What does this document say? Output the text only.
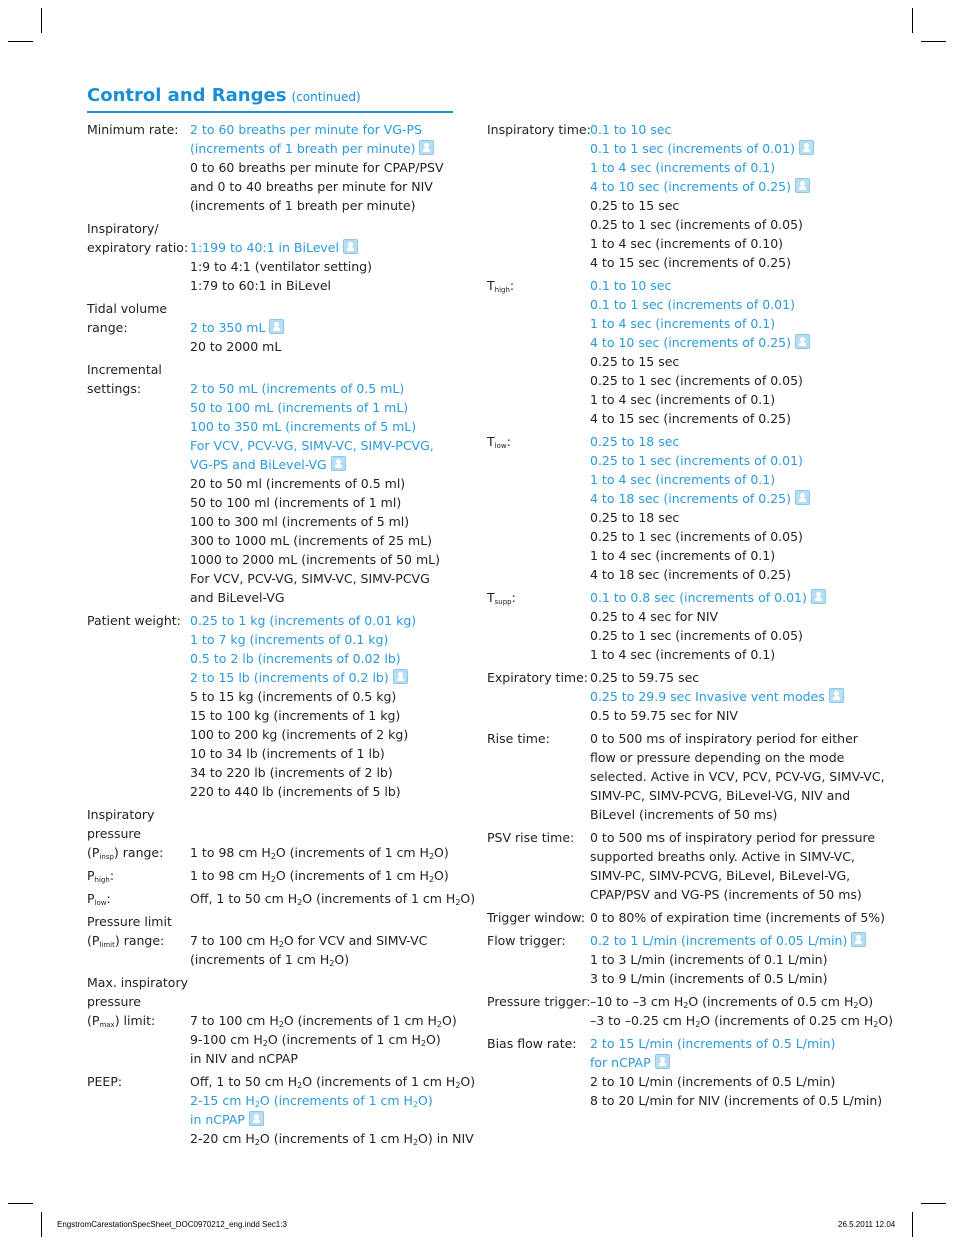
Control and Ranges (continued)
Minimum rate: 2 to 60 breaths per minute for VG-PS
(increments of 1 breath per minute)
0 to 60 breaths per minute for CPAP/PSV
and 0 to 40 breaths per minute for NIV
(increments of 1 breath per minute)
Inspiratory/
expiratory ratio: 1:199 to 40:1 in BiLevel
1:9 to 4:1 (ventilator setting)
1:79 to 60:1 in BiLevel
Tidal volume
range:	2 to 350 mL
20 to 2000 mL
Incremental
settings:	2 to 50 mL (increments of 0.5 mL)
50 to 100 mL (increments of 1 mL)
100 to 350 mL (increments of 5 mL)
For VCV, PCV-VG, SIMV-VC, SIMV-PCVG,
VG-PS and BiLevel-VG
20 to 50 ml (increments of 0.5 ml)
50 to 100 ml (increments of 1 ml)
100 to 300 ml (increments of 5 ml)
300 to 1000 mL (increments of 25 mL)
1000 to 2000 mL (increments of 50 mL)
For VCV, PCV-VG, SIMV-VC, SIMV-PCVG
and BiLevel-VG
Patient weight: 0.25 to 1 kg (increments of 0.01 kg)
1 to 7 kg (increments of 0.1 kg)
0.5 to 2 lb (increments of 0.02 lb)
2 to 15 lb (increments of 0.2 lb)
5 to 15 kg (increments of 0.5 kg)
15 to 100 kg (increments of 1 kg)
100 to 200 kg (increments of 2 kg)
10 to 34 lb (increments of 1 lb)
34 to 220 lb (increments of 2 lb)
220 to 440 lb (increments of 5 lb)
Inspiratory
pressure
$(P_{insp})$ range:	1 to 98 cm $H_2O$ (increments of 1 cm $H_2O$)
$P_{high}$:	1 to 98 cm $H_2O$ (increments of 1 cm $H_2O$)
$P_{low}$:	Off, 1 to 50 cm $H_2O$ (increments of 1 cm $H_2O$)
Pressure limit
$(P_{limit})$ range:	7 to 100 cm $H_2O$ for VCV and SIMV-VC
(increments of 1 cm $H_2O$)
Max. inspiratory
pressure
$(P_{max})$ limit:	7 to 100 cm $H_2O$ (increments of 1 cm $H_2O$)
9-100 cm $H_2O$ (increments of 1 cm $H_2O$)
in NIV and nCPAP
PEEP:	Off, 1 to 50 cm $H_2O$ (increments of 1 cm $H_2O$)
2-15 cm $H_2O$ (increments of 1 cm $H_2O$)
in nCPAP
2-20 cm $H_2O$ (increments of 1 cm $H_2O$) in NIV
Inspiratory time: 0.1 to 10 sec
0.1 to 1 sec (increments of 0.01)
1 to 4 sec (increments of 0.1)
4 to 10 sec (increments of 0.25)
0.25 to 15 sec
0.25 to 1 sec (increments of 0.05)
1 to 4 sec (increments of 0.10)
4 to 15 sec (increments of 0.25)
$T_{high}$:	0.1 to 10 sec
0.1 to 1 sec (increments of 0.01)
1 to 4 sec (increments of 0.1)
4 to 10 sec (increments of 0.25)
0.25 to 15 sec
0.25 to 1 sec (increments of 0.05)
1 to 4 sec (increments of 0.1)
4 to 15 sec (increments of 0.25)
$T_{low}$:	0.25 to 18 sec
0.25 to 1 sec (increments of 0.01)
1 to 4 sec (increments of 0.1)
4 to 18 sec (increments of 0.25)
0.25 to 18 sec
0.25 to 1 sec (increments of 0.05)
1 to 4 sec (increments of 0.1)
4 to 18 sec (increments of 0.25)
$T_{supp}$:	0.1 to 0.8 sec (increments of 0.01)
0.25 to 4 sec for NIV
0.25 to 1 sec (increments of 0.05)
1 to 4 sec (increments of 0.1)
Expiratory time: 0.25 to 59.75 sec
0.25 to 29.9 sec Invasive vent modes
0.5 to 59.75 sec for NIV
Rise time:	0 to 500 ms of inspiratory period for either
flow or pressure depending on the mode
selected. Active in VCV, PCV, PCV-VG, SIMV-VC,
SIMV-PC, SIMV-PCVG, BiLevel-VG, NIV and
BiLevel (increments of 50 ms)
PSV rise time:	0 to 500 ms of inspiratory period for pressure
supported breaths only. Active in SIMV-VC,
SIMV-PC, SIMV-PCVG, BiLevel, BiLevel-VG,
CPAP/PSV and VG-PS (increments of 50 ms)
Trigger window: 0 to 80% of expiration time (increments of 5%)
Flow trigger:	0.2 to 1 L/min (increments of 0.05 L/min)
1 to 3 L/min (increments of 0.1 L/min)
3 to 9 L/min (increments of 0.5 L/min)
Pressure trigger: –10 to –3 cm $H_2O$ (increments of 0.5 cm $H_2O$)
–3 to –0.25 cm $H_2O$ (increments of 0.25 cm $H_2O$)
Bias flow rate:	2 to 15 L/min (increments of 0.5 L/min)
for nCPAP
2 to 10 L/min (increments of 0.5 L/min)
8 to 20 L/min for NIV (increments of 0.5 L/min)
EngstromCarestationSpecSheet_DOC0970212_eng.indd Sec1:3	26.5.2011 12.04
